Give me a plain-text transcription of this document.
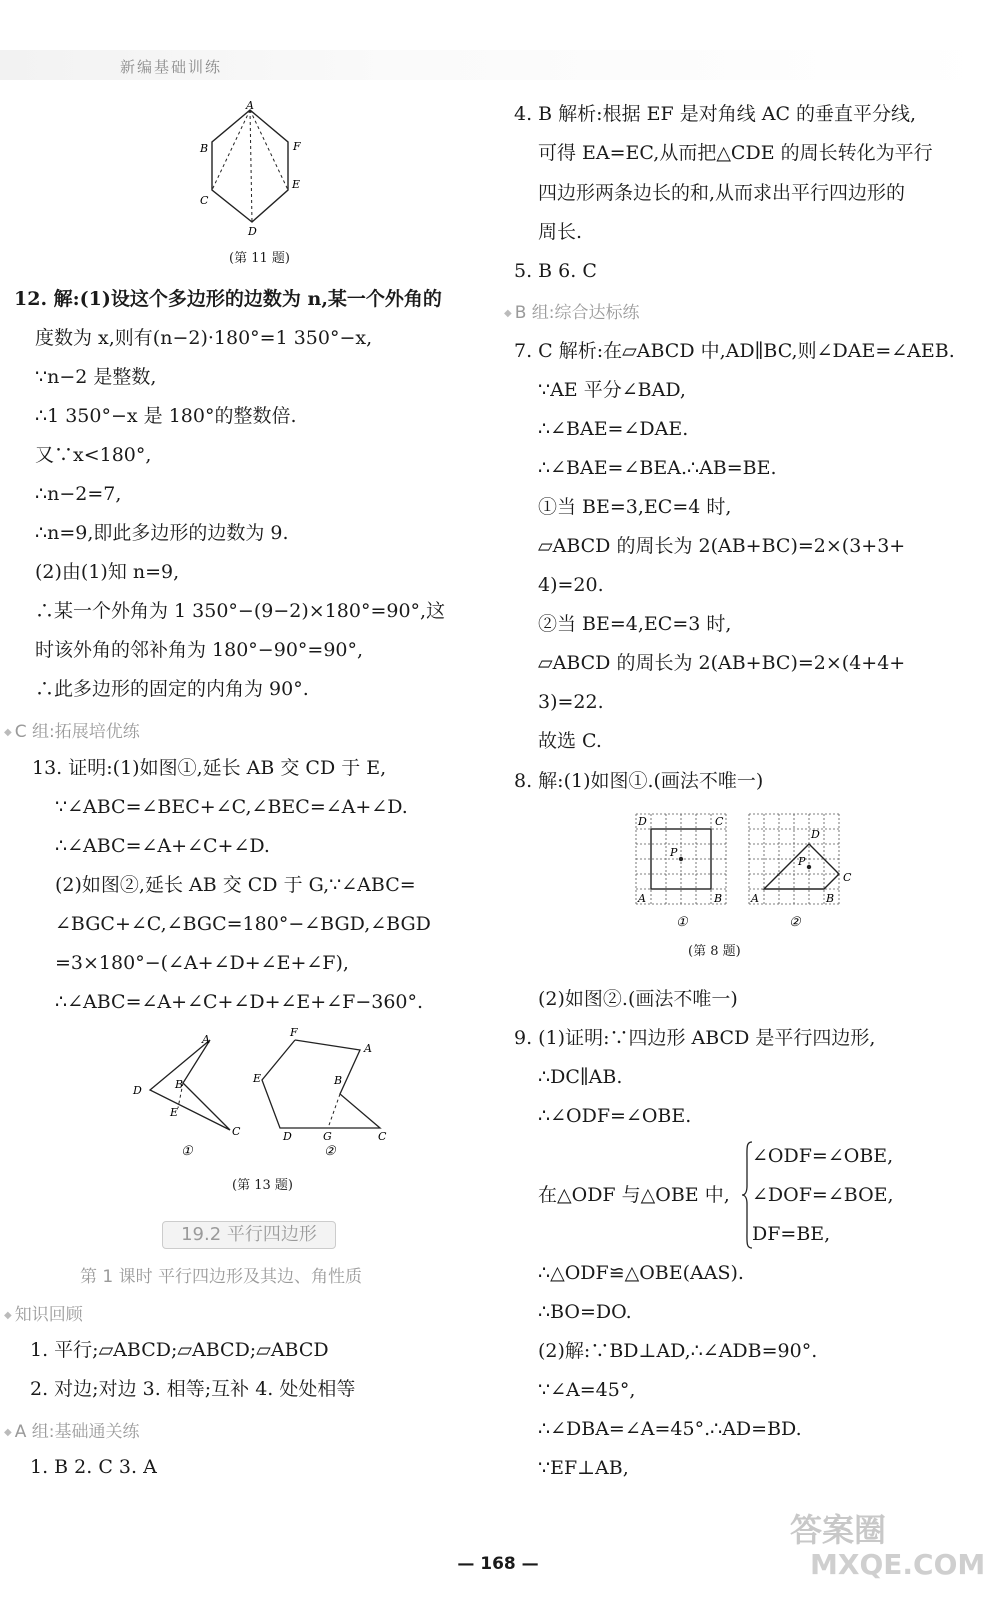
新编基础训练
A
B	F
C
E
D
(第 11 题)
12. 解:(1)设这个多边形的边数为 n,某一个外角的
度数为 x,则有(n−2)·180°=1 350°−x,
∵n−2 是整数,
∴1 350°−x 是 180°的整数倍.
又∵x<180°,
∴n−2=7,
∴n=9,即此多边形的边数为 9.
(2)由(1)知 n=9,
∴某一个外角为 1 350°−(9−2)×180°=90°,这
时该外角的邻补角为 180°−90°=90°,
∴此多边形的固定的内角为 90°.
◆ C 组:拓展培优练
13. 证明:(1)如图①,延长 AB 交 CD 于 E,
∵∠ABC=∠BEC+∠C,∠BEC=∠A+∠D.
∴∠ABC=∠A+∠C+∠D.
(2)如图②,延长 AB 交 CD 于 G,∵∠ABC=
∠BGC+∠C,∠BGC=180°−∠BGD,∠BGD
=3×180°−(∠A+∠D+∠E+∠F),
∴∠ABC=∠A+∠C+∠D+∠E+∠F−360°.
A
D	B
E
C
①
F
A
E	B
D	G	C
②
(第 13 题)
19.2 平行四边形
第 1 课时 平行四边形及其边、角性质
◆ 知识回顾
1. 平行;▱ABCD;▱ABCD;▱ABCD
2. 对边;对边 3. 相等;互补 4. 处处相等
◆ A 组:基础通关练
1. B 2. C 3. A
4. B 解析:根据 EF 是对角线 AC 的垂直平分线,
可得 EA=EC,从而把△CDE 的周长转化为平行
四边形两条边长的和,从而求出平行四边形的
周长.
5. B 6. C
◆ B 组:综合达标练
7. C 解析:在▱ABCD 中,AD∥BC,则∠DAE=∠AEB.
∵AE 平分∠BAD,
∴∠BAE=∠DAE.
∴∠BAE=∠BEA.∴AB=BE.
①当 BE=3,EC=4 时,
▱ABCD 的周长为 2(AB+BC)=2×(3+3+
4)=20.
②当 BE=4,EC=3 时,
▱ABCD 的周长为 2(AB+BC)=2×(4+4+
3)=22.
故选 C.
8. 解:(1)如图①.(画法不唯一)
D	C
P
A	B
①
D
P
C
A	B
②
(第 8 题)
(2)如图②.(画法不唯一)
9. (1)证明:∵四边形 ABCD 是平行四边形,
∴DC∥AB.
∴∠ODF=∠OBE.
在△ODF 与△OBE 中,
∠ODF=∠OBE,
∠DOF=∠BOE,
DF=BE,
∴△ODF≌△OBE(AAS).
∴BO=DO.
(2)解:∵BD⊥AD,∴∠ADB=90°.
∵∠A=45°,
∴∠DBA=∠A=45°.∴AD=BD.
∵EF⊥AB,
— 168 —
答案圈
MXQE.COM
